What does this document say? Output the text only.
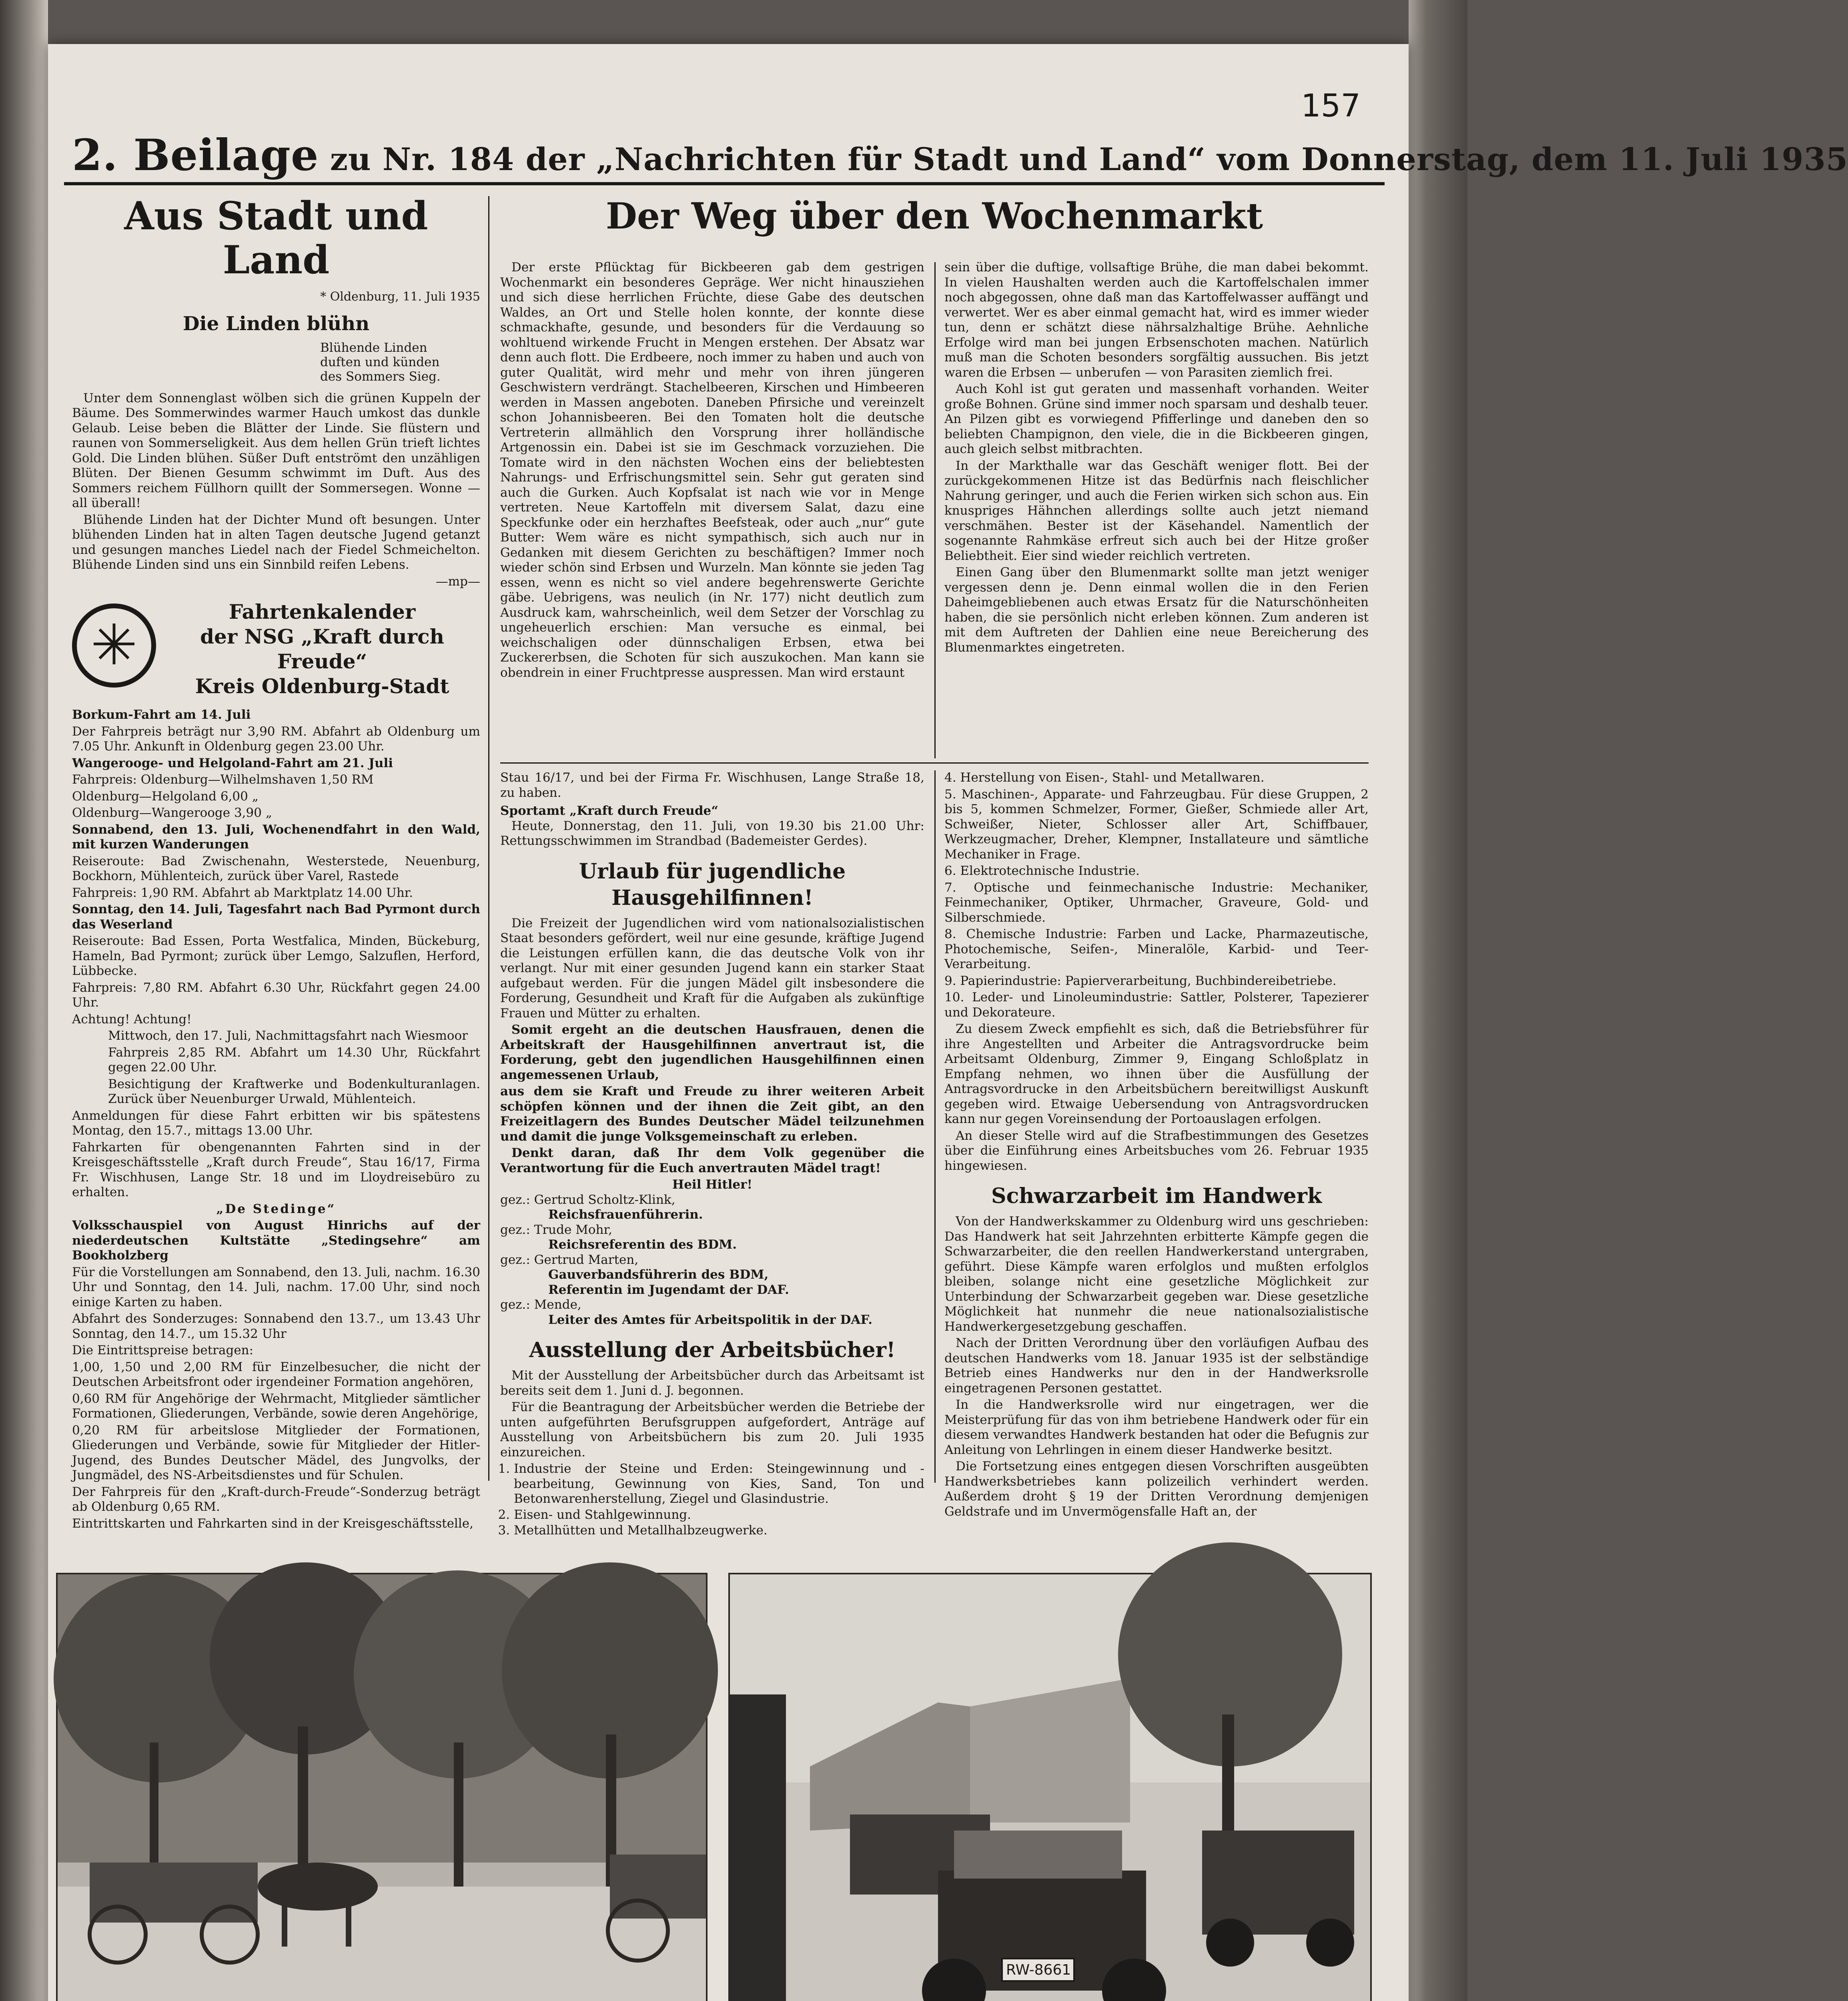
157
2. Beilage zu Nr. 184 der „Nachrichten für Stadt und Land“ vom Donnerstag, dem 11. Juli 1935
Aus Stadt und Land
* Oldenburg, 11. Juli 1935
Die Linden blühn
Blühende Linden
duften und künden
des Sommers Sieg.

Unter dem Sonnenglast wölben sich die grünen Kuppeln der Bäume. Des Sommerwindes warmer Hauch umkost das dunkle Gelaub. Leise beben die Blätter der Linde. Sie flüstern und raunen von Sommerseligkeit. Aus dem hellen Grün trieft lichtes Gold. Die Linden blühen. Süßer Duft entströmt den unzähligen Blüten. Der Bienen Gesumm schwimmt im Duft. Aus des Sommers reichem Füllhorn quillt der Sommersegen. Wonne — all überall!

Blühende Linden hat der Dichter Mund oft besungen. Unter blühenden Linden hat in alten Tagen deutsche Jugend getanzt und gesungen manches Liedel nach der Fiedel Schmeichelton. Blühende Linden sind uns ein Sinnbild reifen Lebens.

—mp—
✳
Fahrtenkalender
der NSG „Kraft durch Freude“
Kreis Oldenburg-Stadt
Borkum-Fahrt am 14. Juli
Der Fahrpreis beträgt nur 3,90 RM. Abfahrt ab Oldenburg um 7.05 Uhr. Ankunft in Oldenburg gegen 23.00 Uhr.
Wangerooge- und Helgoland-Fahrt am 21. Juli
Fahrpreis: Oldenburg—Wilhelmshaven 1,50 RM
Oldenburg—Helgoland 6,00 „
Oldenburg—Wangerooge 3,90 „
Sonnabend, den 13. Juli, Wochenendfahrt in den Wald, mit kurzen Wanderungen
Reiseroute: Bad Zwischenahn, Westerstede, Neuenburg, Bockhorn, Mühlenteich, zurück über Varel, Rastede
Fahrpreis: 1,90 RM. Abfahrt ab Marktplatz 14.00 Uhr.
Sonntag, den 14. Juli, Tagesfahrt nach Bad Pyrmont durch das Weserland
Reiseroute: Bad Essen, Porta Westfalica, Minden, Bückeburg, Hameln, Bad Pyrmont; zurück über Lemgo, Salzuflen, Herford, Lübbecke.
Fahrpreis: 7,80 RM. Abfahrt 6.30 Uhr, Rückfahrt gegen 24.00 Uhr.
Achtung! Achtung!
Mittwoch, den 17. Juli, Nachmittagsfahrt nach Wiesmoor
Fahrpreis 2,85 RM. Abfahrt um 14.30 Uhr, Rückfahrt gegen 22.00 Uhr.
Besichtigung der Kraftwerke und Bodenkulturanlagen. Zurück über Neuenburger Urwald, Mühlenteich.
Anmeldungen für diese Fahrt erbitten wir bis spätestens Montag, den 15.7., mittags 13.00 Uhr.
Fahrkarten für obengenannten Fahrten sind in der Kreisgeschäftsstelle „Kraft durch Freude“, Stau 16/17, Firma Fr. Wischhusen, Lange Str. 18 und im Lloydreisebüro zu erhalten.
„De Stedinge“
Volksschauspiel von August Hinrichs auf der niederdeutschen Kultstätte „Stedingsehre“ am Bookholzberg
Für die Vorstellungen am Sonnabend, den 13. Juli, nachm. 16.30 Uhr und Sonntag, den 14. Juli, nachm. 17.00 Uhr, sind noch einige Karten zu haben.
Abfahrt des Sonderzuges: Sonnabend den 13.7., um 13.43 Uhr Sonntag, den 14.7., um 15.32 Uhr
Die Eintrittspreise betragen:
1,00, 1,50 und 2,00 RM für Einzelbesucher, die nicht der Deutschen Arbeitsfront oder irgendeiner Formation angehören,
0,60 RM für Angehörige der Wehrmacht, Mitglieder sämtlicher Formationen, Gliederungen, Verbände, sowie deren Angehörige,
0,20 RM für arbeitslose Mitglieder der Formationen, Gliederungen und Verbände, sowie für Mitglieder der Hitler-Jugend, des Bundes Deutscher Mädel, des Jungvolks, der Jungmädel, des NS-Arbeitsdienstes und für Schulen.
Der Fahrpreis für den „Kraft-durch-Freude“-Sonderzug beträgt ab Oldenburg 0,65 RM.
Eintrittskarten und Fahrkarten sind in der Kreisgeschäftsstelle,
Der Weg über den Wochenmarkt

Der erste Pflücktag für Bickbeeren gab dem gestrigen Wochenmarkt ein besonderes Gepräge. Wer nicht hinausziehen und sich diese herrlichen Früchte, diese Gabe des deutschen Waldes, an Ort und Stelle holen konnte, der konnte diese schmackhafte, gesunde, und besonders für die Verdauung so wohltuend wirkende Frucht in Mengen erstehen. Der Absatz war denn auch flott. Die Erdbeere, noch immer zu haben und auch von guter Qualität, wird mehr und mehr von ihren jüngeren Geschwistern verdrängt. Stachelbeeren, Kirschen und Himbeeren werden in Massen angeboten. Daneben Pfirsiche und vereinzelt schon Johannisbeeren. Bei den Tomaten holt die deutsche Vertreterin allmählich den Vorsprung ihrer holländische Artgenossin ein. Dabei ist sie im Geschmack vorzuziehen. Die Tomate wird in den nächsten Wochen eins der beliebtesten Nahrungs- und Erfrischungsmittel sein. Sehr gut geraten sind auch die Gurken. Auch Kopfsalat ist nach wie vor in Menge vertreten. Neue Kartoffeln mit diversem Salat, dazu eine Speckfunke oder ein herzhaftes Beefsteak, oder auch „nur“ gute Butter: Wem wäre es nicht sympathisch, sich auch nur in Gedanken mit diesem Gerichten zu beschäftigen? Immer noch wieder schön sind Erbsen und Wurzeln. Man könnte sie jeden Tag essen, wenn es nicht so viel andere begehrenswerte Gerichte gäbe. Uebrigens, was neulich (in Nr. 177) nicht deutlich zum Ausdruck kam, wahrscheinlich, weil dem Setzer der Vorschlag zu ungeheuerlich erschien: Man versuche es einmal, bei weichschaligen oder dünnschaligen Erbsen, etwa bei Zuckererbsen, die Schoten für sich auszukochen. Man kann sie obendrein in einer Fruchtpresse auspressen. Man wird erstaunt

sein über die duftige, vollsaftige Brühe, die man dabei bekommt. In vielen Haushalten werden auch die Kartoffelschalen immer noch abgegossen, ohne daß man das Kartoffelwasser auffängt und verwertet. Wer es aber einmal gemacht hat, wird es immer wieder tun, denn er schätzt diese nährsalzhaltige Brühe. Aehnliche Erfolge wird man bei jungen Erbsenschoten machen. Natürlich muß man die Schoten besonders sorgfältig aussuchen. Bis jetzt waren die Erbsen — unberufen — von Parasiten ziemlich frei.

Auch Kohl ist gut geraten und massenhaft vorhanden. Weiter große Bohnen. Grüne sind immer noch sparsam und deshalb teuer. An Pilzen gibt es vorwiegend Pfifferlinge und daneben den so beliebten Champignon, den viele, die in die Bickbeeren gingen, auch gleich selbst mitbrachten.

In der Markthalle war das Geschäft weniger flott. Bei der zurückgekommenen Hitze ist das Bedürfnis nach fleischlicher Nahrung geringer, und auch die Ferien wirken sich schon aus. Ein knuspriges Hähnchen allerdings sollte auch jetzt niemand verschmähen. Bester ist der Käsehandel. Namentlich der sogenannte Rahmkäse erfreut sich auch bei der Hitze großer Beliebtheit. Eier sind wieder reichlich vertreten.

Einen Gang über den Blumenmarkt sollte man jetzt weniger vergessen denn je. Denn einmal wollen die in den Ferien Daheimgebliebenen auch etwas Ersatz für die Naturschönheiten haben, die sie persönlich nicht erleben können. Zum anderen ist mit dem Auftreten der Dahlien eine neue Bereicherung des Blumenmarktes eingetreten.

Stau 16/17, und bei der Firma Fr. Wischhusen, Lange Straße 18, zu haben.

Sportamt „Kraft durch Freude“

Heute, Donnerstag, den 11. Juli, von 19.30 bis 21.00 Uhr: Rettungsschwimmen im Strandbad (Bademeister Gerdes).

Urlaub für jugendliche Hausgehilfinnen!

Die Freizeit der Jugendlichen wird vom nationalsozialistischen Staat besonders gefördert, weil nur eine gesunde, kräftige Jugend die Leistungen erfüllen kann, die das deutsche Volk von ihr verlangt. Nur mit einer gesunden Jugend kann ein starker Staat aufgebaut werden. Für die jungen Mädel gilt insbesondere die Forderung, Gesundheit und Kraft für die Aufgaben als zukünftige Frauen und Mütter zu erhalten.

Somit ergeht an die deutschen Hausfrauen, denen die Arbeitskraft der Hausgehilfinnen anvertraut ist, die Forderung, gebt den jugendlichen Hausgehilfinnen einen angemessenen Urlaub,

aus dem sie Kraft und Freude zu ihrer weiteren Arbeit schöpfen können und der ihnen die Zeit gibt, an den Freizeitlagern des Bundes Deutscher Mädel teilzunehmen und damit die junge Volksgemeinschaft zu erleben.

Denkt daran, daß Ihr dem Volk gegenüber die Verantwortung für die Euch anvertrauten Mädel tragt!

Heil Hitler!
gez.: Gertrud Scholtz-Klink,
Reichsfrauenführerin.
gez.: Trude Mohr,
Reichsreferentin des BDM.
gez.: Gertrud Marten,
Gauverbandsführerin des BDM,
Referentin im Jugendamt der DAF.
gez.: Mende,
Leiter des Amtes für Arbeitspolitik in der DAF.
Ausstellung der Arbeitsbücher!

Mit der Ausstellung der Arbeitsbücher durch das Arbeitsamt ist bereits seit dem 1. Juni d. J. begonnen.

Für die Beantragung der Arbeitsbücher werden die Betriebe der unten aufgeführten Berufsgruppen aufgefordert, Anträge auf Ausstellung von Arbeitsbüchern bis zum 20. Juli 1935 einzureichen.

1. Industrie der Steine und Erden: Steingewinnung und -bearbeitung, Gewinnung von Kies, Sand, Ton und Betonwarenherstellung, Ziegel und Glasindustrie.
2. Eisen- und Stahlgewinnung.
3. Metallhütten und Metallhalbzeugwerke.
4. Herstellung von Eisen-, Stahl- und Metallwaren.
5. Maschinen-, Apparate- und Fahrzeugbau. Für diese Gruppen, 2 bis 5, kommen Schmelzer, Former, Gießer, Schmiede aller Art, Schweißer, Nieter, Schlosser aller Art, Schiffbauer, Werkzeugmacher, Dreher, Klempner, Installateure und sämtliche Mechaniker in Frage.
6. Elektrotechnische Industrie.
7. Optische und feinmechanische Industrie: Mechaniker, Feinmechaniker, Optiker, Uhrmacher, Graveure, Gold- und Silberschmiede.
8. Chemische Industrie: Farben und Lacke, Pharmazeutische, Photochemische, Seifen-, Mineralöle, Karbid- und Teer-Verarbeitung.
9. Papierindustrie: Papierverarbeitung, Buchbindereibetriebe.
10. Leder- und Linoleumindustrie: Sattler, Polsterer, Tapezierer und Dekorateure.

Zu diesem Zweck empfiehlt es sich, daß die Betriebsführer für ihre Angestellten und Arbeiter die Antragsvordrucke beim Arbeitsamt Oldenburg, Zimmer 9, Eingang Schloßplatz in Empfang nehmen, wo ihnen über die Ausfüllung der Antragsvordrucke in den Arbeitsbüchern bereitwilligst Auskunft gegeben wird. Etwaige Uebersendung von Antragsvordrucken kann nur gegen Voreinsendung der Portoauslagen erfolgen.

An dieser Stelle wird auf die Strafbestimmungen des Gesetzes über die Einführung eines Arbeitsbuches vom 26. Februar 1935 hingewiesen.

Schwarzarbeit im Handwerk

Von der Handwerkskammer zu Oldenburg wird uns geschrieben: Das Handwerk hat seit Jahrzehnten erbitterte Kämpfe gegen die Schwarzarbeiter, die den reellen Handwerkerstand untergraben, geführt. Diese Kämpfe waren erfolglos und mußten erfolglos bleiben, solange nicht eine gesetzliche Möglichkeit zur Unterbindung der Schwarzarbeit gegeben war. Diese gesetzliche Möglichkeit hat nunmehr die neue nationalsozialistische Handwerkergesetzgebung geschaffen.

Nach der Dritten Verordnung über den vorläufigen Aufbau des deutschen Handwerks vom 18. Januar 1935 ist der selbständige Betrieb eines Handwerks nur den in der Handwerksrolle eingetragenen Personen gestattet.

In die Handwerksrolle wird nur eingetragen, wer die Meisterprüfung für das von ihm betriebene Handwerk oder für ein diesem verwandtes Handwerk bestanden hat oder die Befugnis zur Anleitung von Lehrlingen in einem dieser Handwerke besitzt.

Die Fortsetzung eines entgegen diesen Vorschriften ausgeübten Handwerksbetriebes kann polizeilich verhindert werden. Außerdem droht § 19 der Dritten Verordnung demjenigen Geldstrafe und im Unvermögensfalle Haft an, der

RW-8661
